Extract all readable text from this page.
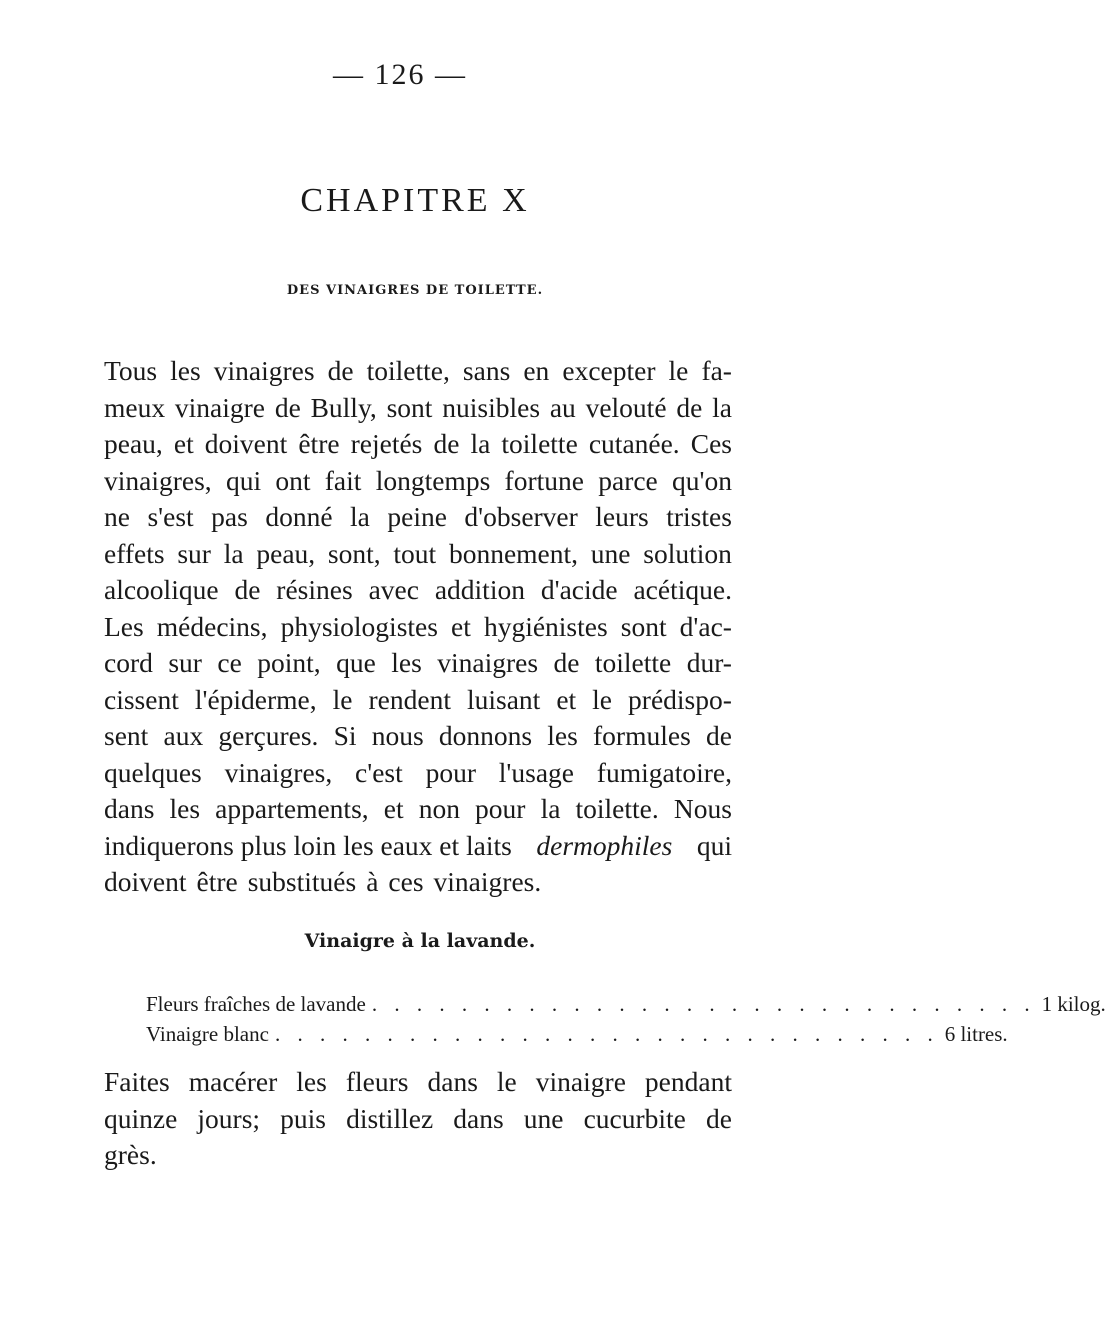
— 126 —
CHAPITRE X
DES VINAIGRES DE TOILETTE.
Tous les vinaigres de toilette, sans en excepter le fa-
meux vinaigre de Bully, sont nuisibles au velouté de la
peau, et doivent être rejetés de la toilette cutanée. Ces
vinaigres, qui ont fait longtemps fortune parce qu'on
ne s'est pas donné la peine d'observer leurs tristes
effets sur la peau, sont, tout bonnement, une solution
alcoolique de résines avec addition d'acide acétique.
Les médecins, physiologistes et hygiénistes sont d'ac-
cord sur ce point, que les vinaigres de toilette dur-
cissent l'épiderme, le rendent luisant et le prédispo-
sent aux gerçures. Si nous donnons les formules de
quelques vinaigres, c'est pour l'usage fumigatoire,
dans les appartements, et non pour la toilette. Nous
indiquerons plus loin les eaux et laits dermophiles qui
doivent être substitués à ces vinaigres.
Vinaigre à la lavande.
Fleurs fraîches de lavande . . . . . . . . . . . . . . . . . . . . . . . . . . . . . . 1 kilog.
Vinaigre blanc . . . . . . . . . . . . . . . . . . . . . . . . . . . . . . 6 litres.
Faites macérer les fleurs dans le vinaigre pendant
quinze jours; puis distillez dans une cucurbite de
grès.
